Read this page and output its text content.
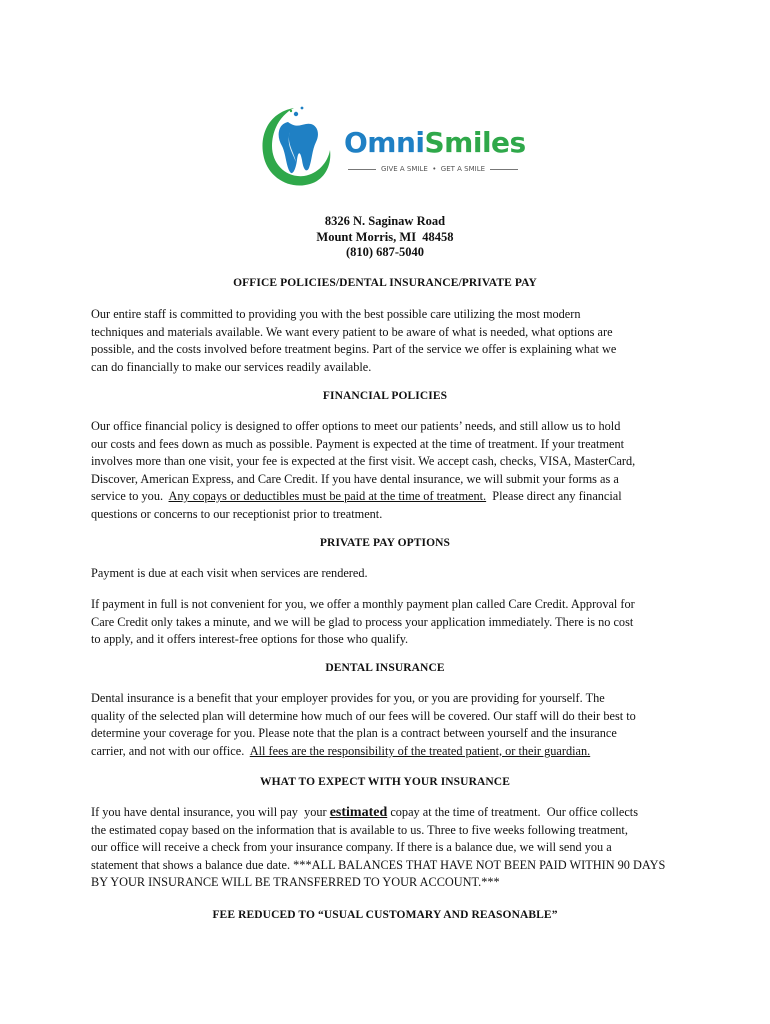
OmniSmiles
GIVE A SMILE  •  GET A SMILE
8326 N. Saginaw Road
Mount Morris, MI  48458
(810) 687-5040
OFFICE POLICIES/DENTAL INSURANCE/PRIVATE PAY
Our entire staff is committed to providing you with the best possible care utilizing the most modern
techniques and materials available. We want every patient to be aware of what is needed, what options are
possible, and the costs involved before treatment begins. Part of the service we offer is explaining what we
can do financially to make our services readily available.
FINANCIAL POLICIES
Our office financial policy is designed to offer options to meet our patients’ needs, and still allow us to hold
our costs and fees down as much as possible. Payment is expected at the time of treatment. If your treatment
involves more than one visit, your fee is expected at the first visit. We accept cash, checks, VISA, MasterCard,
Discover, American Express, and Care Credit. If you have dental insurance, we will submit your forms as a
service to you.  Any copays or deductibles must be paid at the time of treatment.  Please direct any financial
questions or concerns to our receptionist prior to treatment.
PRIVATE PAY OPTIONS
Payment is due at each visit when services are rendered.
If payment in full is not convenient for you, we offer a monthly payment plan called Care Credit. Approval for
Care Credit only takes a minute, and we will be glad to process your application immediately. There is no cost
to apply, and it offers interest-free options for those who qualify.
DENTAL INSURANCE
Dental insurance is a benefit that your employer provides for you, or you are providing for yourself. The
quality of the selected plan will determine how much of our fees will be covered. Our staff will do their best to
determine your coverage for you. Please note that the plan is a contract between yourself and the insurance
carrier, and not with our office.  All fees are the responsibility of the treated patient, or their guardian.
WHAT TO EXPECT WITH YOUR INSURANCE
If you have dental insurance, you will pay  your estimated copay at the time of treatment.  Our office collects
the estimated copay based on the information that is available to us. Three to five weeks following treatment,
our office will receive a check from your insurance company. If there is a balance due, we will send you a
statement that shows a balance due date. ***ALL BALANCES THAT HAVE NOT BEEN PAID WITHIN 90 DAYS
BY YOUR INSURANCE WILL BE TRANSFERRED TO YOUR ACCOUNT.***
FEE REDUCED TO “USUAL CUSTOMARY AND REASONABLE”
